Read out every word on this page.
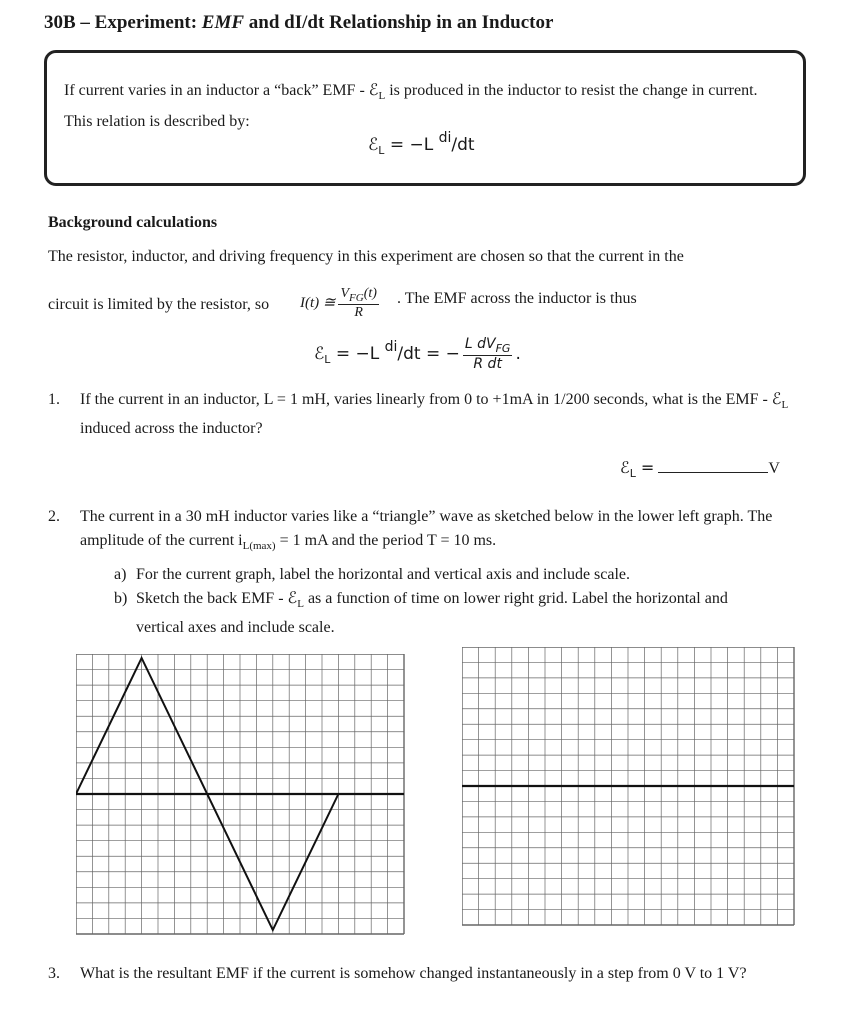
30B – Experiment: EMF and dI/dt Relationship in an Inductor
If current varies in an inductor a “back” EMF - ℰ$_L$ is produced in the inductor to resist the change in current. This relation is described by:
ℰ$_L$ = −L $^{di}$/dt
Background calculations
The resistor, inductor, and driving frequency in this experiment are chosen so that the current in the
circuit is limited by the resistor, so I(t) ≅ $\frac{V_{FG}(t)}{R}$ . The EMF across the inductor is thus
ℰ$_L$ = −L $^{di}$/dt = − $\frac{L dV_{FG}}{\text{R dt}}$ .
1. If the current in an inductor, L = 1 mH, varies linearly from 0 to +1mA in 1/200 seconds, what is the EMF - ℰ$_L$ induced across the inductor?
ℰ$_L$ =	V
2. The current in a 30 mH inductor varies like a “triangle” wave as sketched below in the lower left graph. The amplitude of the current $i_{L(max)} = 1$ mA and the period T = 10 ms.
a) For the current graph, label the horizontal and vertical axis and include scale.
b) Sketch the back EMF - ℰ$_L$ as a function of time on lower right grid. Label the horizontal and vertical axes and include scale.
3. What is the resultant EMF if the current is somehow changed instantaneously in a step from 0 V to 1 V?
